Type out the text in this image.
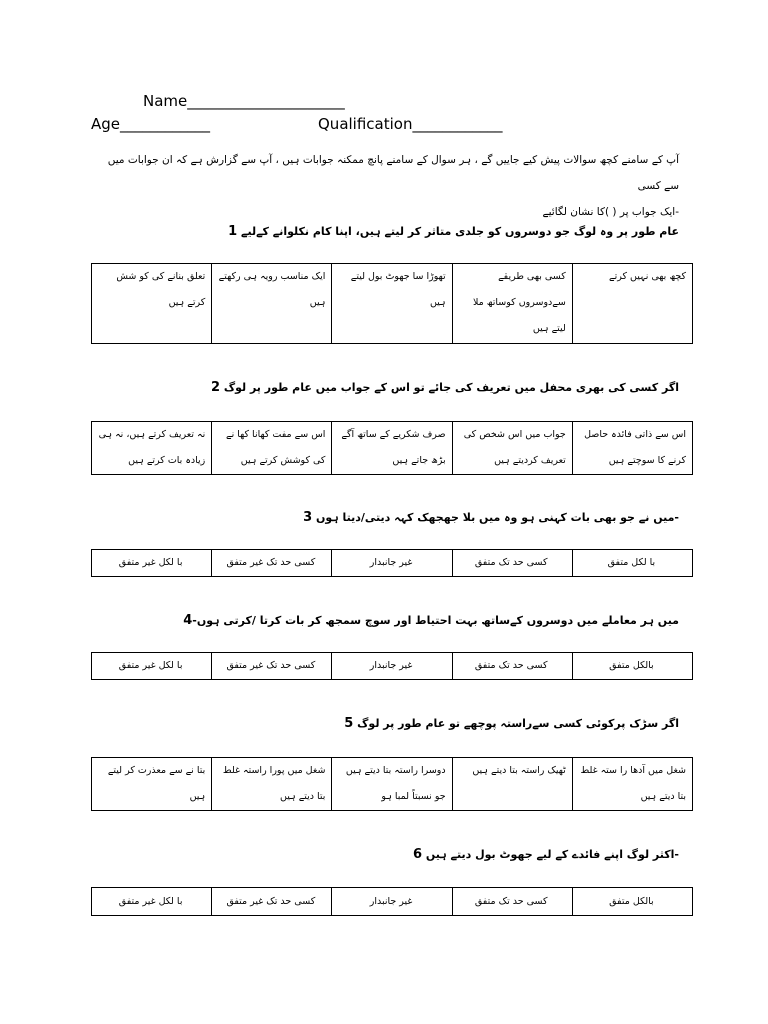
Name_____________________
Age____________	Qualification____________
آپ کے سامنے کچھ سوالات پیش کیے جاییں گے ، ہر سوال کے سامنے پانچ ممکنہ جوابات ہیں ، آپ سے گزارش ہے کہ ان جوابات میں سے کسی
-ایک جواب پر ( )کا نشان لگائیے
عام طور پر وہ لوگ جو دوسروں کو جلدی متاثر کر لیتے ہیں، اپنا کام نکلوانے کےلیے 1
کچھ بھی نہیں کرتے	کسی بھی طریقے سےدوسروں کوساتھ ملا لیتے ہیں	تھوڑا سا جھوٹ بول لیتے ہیں	ایک مناسب رویہ ہی رکھتے ہیں	تعلق بنانے کی کو شش کرتے ہیں
اگر کسی کی بھری محفل میں تعریف کی جائے تو اس کے جواب میں عام طور پر لوگ 2
اس سے ذاتی فائدہ حاصل کرنے کا سوچتے ہیں	جواب میں اس شخص کی تعریف کردیتے ہیں	صرف شکریے کے ساتھ آگے بڑھ جاتے ہیں	اس سے مفت کھانا کھا نے کی کوشش کرتے ہیں	نہ تعریف کرتے ہیں، نہ ہی زیادہ بات کرتے ہیں
-میں نے جو بھی بات کہنی ہو وہ میں بلا جھجھک کہہ دیتی/دیتا ہوں 3
با لکل متفق	کسی حد تک متفق	غیر جانبدار	کسی حد تک غیر متفق	با لکل غیر متفق
میں ہر معاملے میں دوسروں کےساتھ بہت احتیاط اور سوچ سمجھ کر بات کرتا /کرتی ہوں-4
بالکل متفق	کسی حد تک متفق	غیر جانبدار	کسی حد تک غیر متفق	با لکل غیر متفق
اگر سڑک پرکوئی کسی سےراستہ پوچھے تو عام طور پر لوگ 5
شغل میں آدھا را ستہ غلط بتا دیتے ہیں	ٹھیک راستہ بتا دیتے ہیں	دوسرا راستہ بتا دیتے ہیں جو نسبتاً لمبا ہو	شغل میں پورا راستہ غلط بتا دیتے ہیں	بتا نے سے معذرت کر لیتے ہیں
-اکثر لوگ اپنے فائدے کے لیے جھوٹ بول دیتے ہیں 6
بالکل متفق	کسی حد تک متفق	غیر جانبدار	کسی حد تک غیر متفق	با لکل غیر متفق
